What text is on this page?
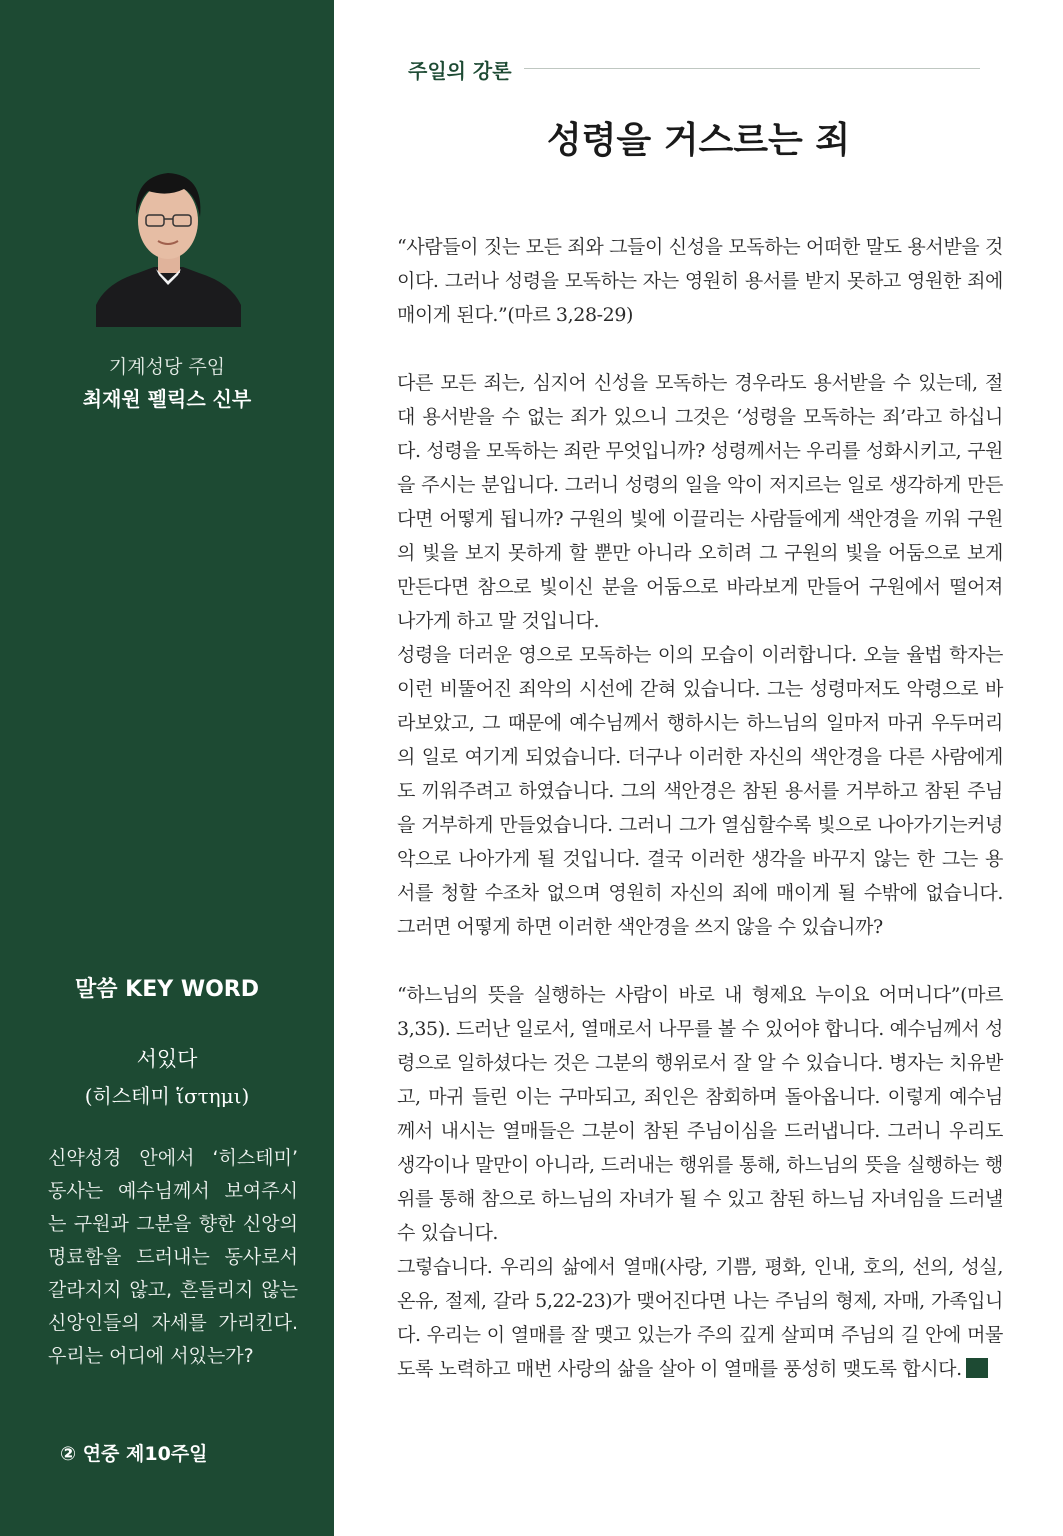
기계성당 주임
최재원 펠릭스 신부
말씀 KEY WORD
서있다
(히스테미 ἵστημι)
신약성경 안에서 ‘히스테미’ 동사는 예수님께서 보여주시는 구원과 그분을 향한 신앙의 명료함을 드러내는 동사로서 갈라지지 않고, 흔들리지 않는 신앙인들의 자세를 가리킨다. 우리는 어디에 서있는가?
② 연중 제10주일
주일의 강론
성령을 거스르는 죄

“사람들이 짓는 모든 죄와 그들이 신성을 모독하는 어떠한 말도 용서받을 것이다. 그러나 성령을 모독하는 자는 영원히 용서를 받지 못하고 영원한 죄에 매이게 된다.”(마르 3,28-29)

다른 모든 죄는, 심지어 신성을 모독하는 경우라도 용서받을 수 있는데, 절대 용서받을 수 없는 죄가 있으니 그것은 ‘성령을 모독하는 죄’라고 하십니다. 성령을 모독하는 죄란 무엇입니까? 성령께서는 우리를 성화시키고, 구원을 주시는 분입니다. 그러니 성령의 일을 악이 저지르는 일로 생각하게 만든다면 어떻게 됩니까? 구원의 빛에 이끌리는 사람들에게 색안경을 끼워 구원의 빛을 보지 못하게 할 뿐만 아니라 오히려 그 구원의 빛을 어둠으로 보게 만든다면 참으로 빛이신 분을 어둠으로 바라보게 만들어 구원에서 떨어져 나가게 하고 말 것입니다.

성령을 더러운 영으로 모독하는 이의 모습이 이러합니다. 오늘 율법 학자는 이런 비뚤어진 죄악의 시선에 갇혀 있습니다. 그는 성령마저도 악령으로 바라보았고, 그 때문에 예수님께서 행하시는 하느님의 일마저 마귀 우두머리의 일로 여기게 되었습니다. 더구나 이러한 자신의 색안경을 다른 사람에게도 끼워주려고 하였습니다. 그의 색안경은 참된 용서를 거부하고 참된 주님을 거부하게 만들었습니다. 그러니 그가 열심할수록 빛으로 나아가기는커녕 악으로 나아가게 될 것입니다. 결국 이러한 생각을 바꾸지 않는 한 그는 용서를 청할 수조차 없으며 영원히 자신의 죄에 매이게 될 수밖에 없습니다. 그러면 어떻게 하면 이러한 색안경을 쓰지 않을 수 있습니까?

“하느님의 뜻을 실행하는 사람이 바로 내 형제요 누이요 어머니다”(마르 3,35). 드러난 일로서, 열매로서 나무를 볼 수 있어야 합니다. 예수님께서 성령으로 일하셨다는 것은 그분의 행위로서 잘 알 수 있습니다. 병자는 치유받고, 마귀 들린 이는 구마되고, 죄인은 참회하며 돌아옵니다. 이렇게 예수님께서 내시는 열매들은 그분이 참된 주님이심을 드러냅니다. 그러니 우리도 생각이나 말만이 아니라, 드러내는 행위를 통해, 하느님의 뜻을 실행하는 행위를 통해 참으로 하느님의 자녀가 될 수 있고 참된 하느님 자녀임을 드러낼 수 있습니다.

그렇습니다. 우리의 삶에서 열매(사랑, 기쁨, 평화, 인내, 호의, 선의, 성실, 온유, 절제, 갈라 5,22-23)가 맺어진다면 나는 주님의 형제, 자매, 가족입니다. 우리는 이 열매를 잘 맺고 있는가 주의 깊게 살피며 주님의 길 안에 머물도록 노력하고 매번 사랑의 삶을 살아 이 열매를 풍성히 맺도록 합시다.
